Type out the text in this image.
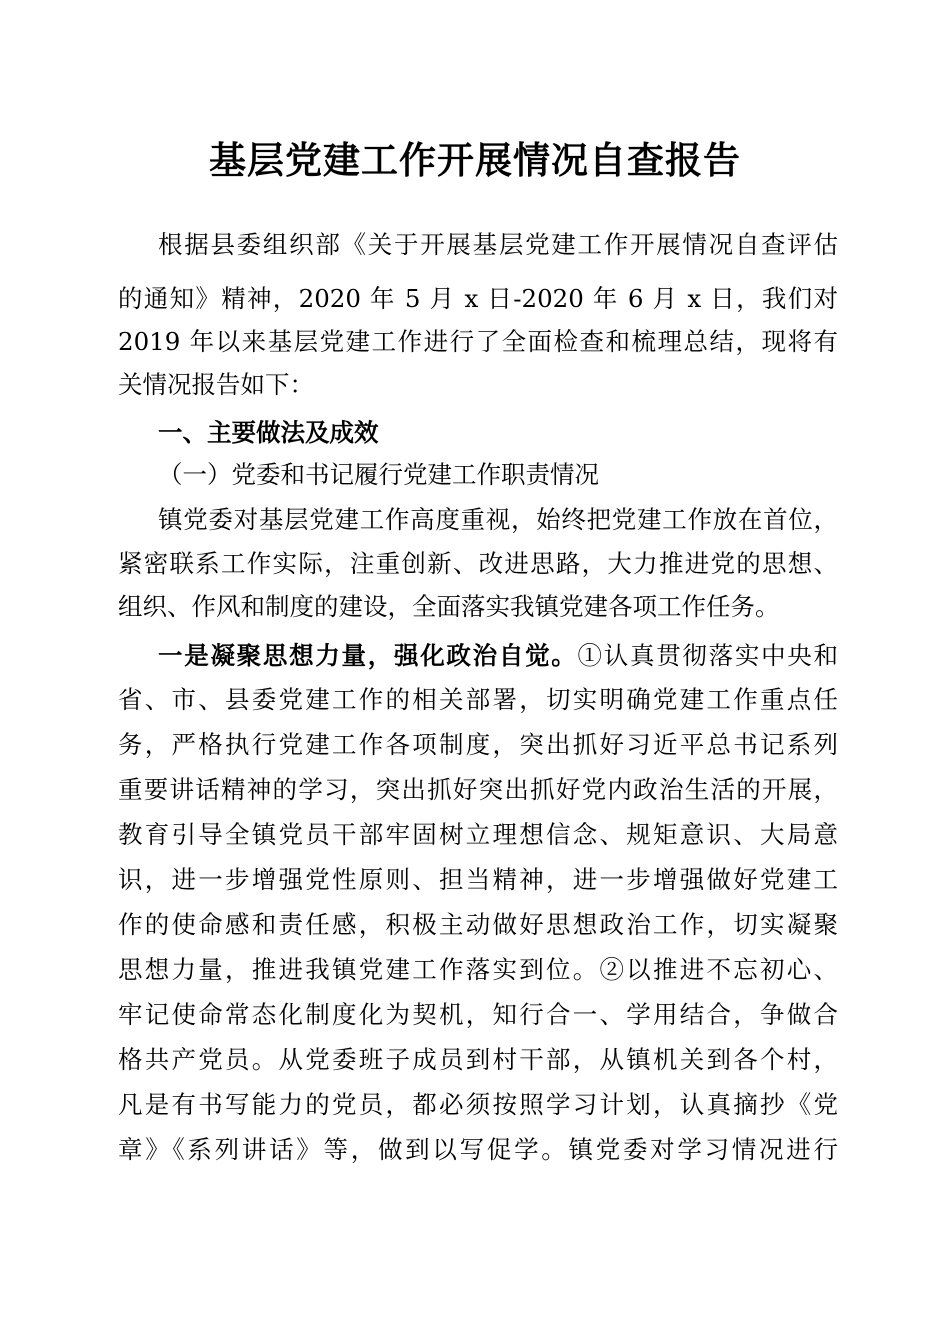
基层党建工作开展情况自查报告
根据县委组织部《关于开展基层党建工作开展情况自查评估
的通知》精神，2020 年 5 月 x 日-2020 年 6 月 x 日，我们对
2019 年以来基层党建工作进行了全面检查和梳理总结，现将有
关情况报告如下：
一、主要做法及成效
（一）党委和书记履行党建工作职责情况
镇党委对基层党建工作高度重视，始终把党建工作放在首位，
紧密联系工作实际，注重创新、改进思路，大力推进党的思想、
组织、作风和制度的建设，全面落实我镇党建各项工作任务。
一是凝聚思想力量，强化政治自觉。①认真贯彻落实中央和
省、市、县委党建工作的相关部署，切实明确党建工作重点任
务，严格执行党建工作各项制度，突出抓好习近平总书记系列
重要讲话精神的学习，突出抓好突出抓好党内政治生活的开展，
教育引导全镇党员干部牢固树立理想信念、规矩意识、大局意
识，进一步增强党性原则、担当精神，进一步增强做好党建工
作的使命感和责任感，积极主动做好思想政治工作，切实凝聚
思想力量，推进我镇党建工作落实到位。②以推进不忘初心、
牢记使命常态化制度化为契机，知行合一、学用结合，争做合
格共产党员。从党委班子成员到村干部，从镇机关到各个村，
凡是有书写能力的党员，都必须按照学习计划，认真摘抄《党
章》《系列讲话》等，做到以写促学。镇党委对学习情况进行
